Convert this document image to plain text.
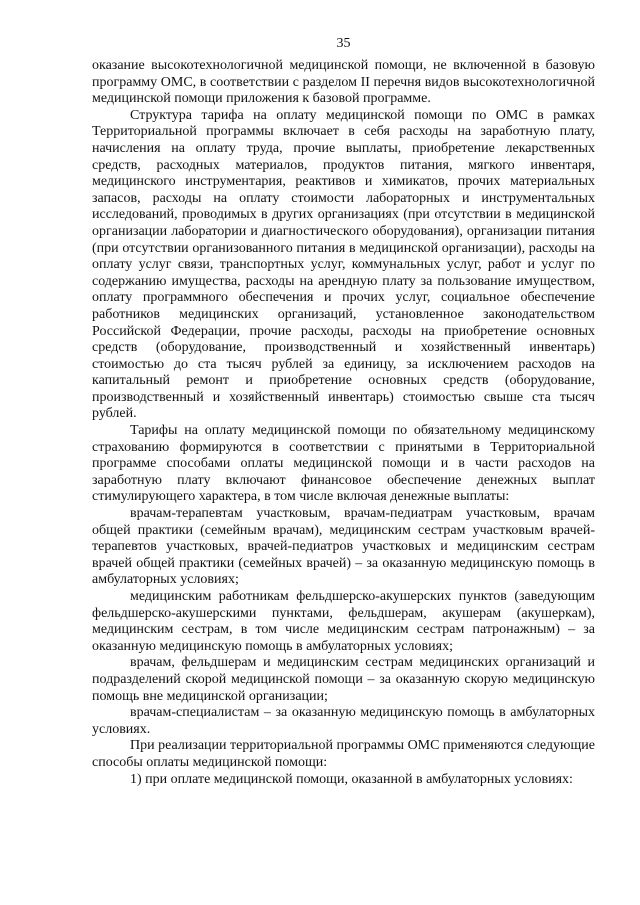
35

оказание высокотехнологичной медицинской помощи, не включенной в базовую программу ОМС, в соответствии с разделом II перечня видов высокотехнологичной медицинской помощи приложения к базовой программе.

Структура тарифа на оплату медицинской помощи по ОМС в рамках Территориальной программы включает в себя расходы на заработную плату, начисления на оплату труда, прочие выплаты, приобретение лекарственных средств, расходных материалов, продуктов питания, мягкого инвентаря, медицинского инструментария, реактивов и химикатов, прочих материальных запасов, расходы на оплату стоимости лабораторных и инструментальных исследований, проводимых в других организациях (при отсутствии в медицинской организации лаборатории и диагностического оборудования), организации питания (при отсутствии организованного питания в медицинской организации), расходы на оплату услуг связи, транспортных услуг, коммунальных услуг, работ и услуг по содержанию имущества, расходы на арендную плату за пользование имуществом, оплату программного обеспечения и прочих услуг, социальное обеспечение работников медицинских организаций, установленное законодательством Российской Федерации, прочие расходы, расходы на приобретение основных средств (оборудование, производственный и хозяйственный инвентарь) стоимостью до ста тысяч рублей за единицу, за исключением расходов на капитальный ремонт и приобретение основных средств (оборудование, производственный и хозяйственный инвентарь) стоимостью свыше ста тысяч рублей.

Тарифы на оплату медицинской помощи по обязательному медицинскому страхованию формируются в соответствии с принятыми в Территориальной программе способами оплаты медицинской помощи и в части расходов на заработную плату включают финансовое обеспечение денежных выплат стимулирующего характера, в том числе включая денежные выплаты:

врачам-терапевтам участковым, врачам-педиатрам участковым, врачам общей практики (семейным врачам), медицинским сестрам участковым врачей-терапевтов участковых, врачей-педиатров участковых и медицинским сестрам врачей общей практики (семейных врачей) – за оказанную медицинскую помощь в амбулаторных условиях;

медицинским работникам фельдшерско-акушерских пунктов (заведующим фельдшерско-акушерскими пунктами, фельдшерам, акушерам (акушеркам), медицинским сестрам, в том числе медицинским сестрам патронажным) – за оказанную медицинскую помощь в амбулаторных условиях;

врачам, фельдшерам и медицинским сестрам медицинских организаций и подразделений скорой медицинской помощи – за оказанную скорую медицинскую помощь вне медицинской организации;

врачам-специалистам – за оказанную медицинскую помощь в амбулаторных условиях.

При реализации территориальной программы ОМС применяются следующие способы оплаты медицинской помощи:

1) при оплате медицинской помощи, оказанной в амбулаторных условиях:
